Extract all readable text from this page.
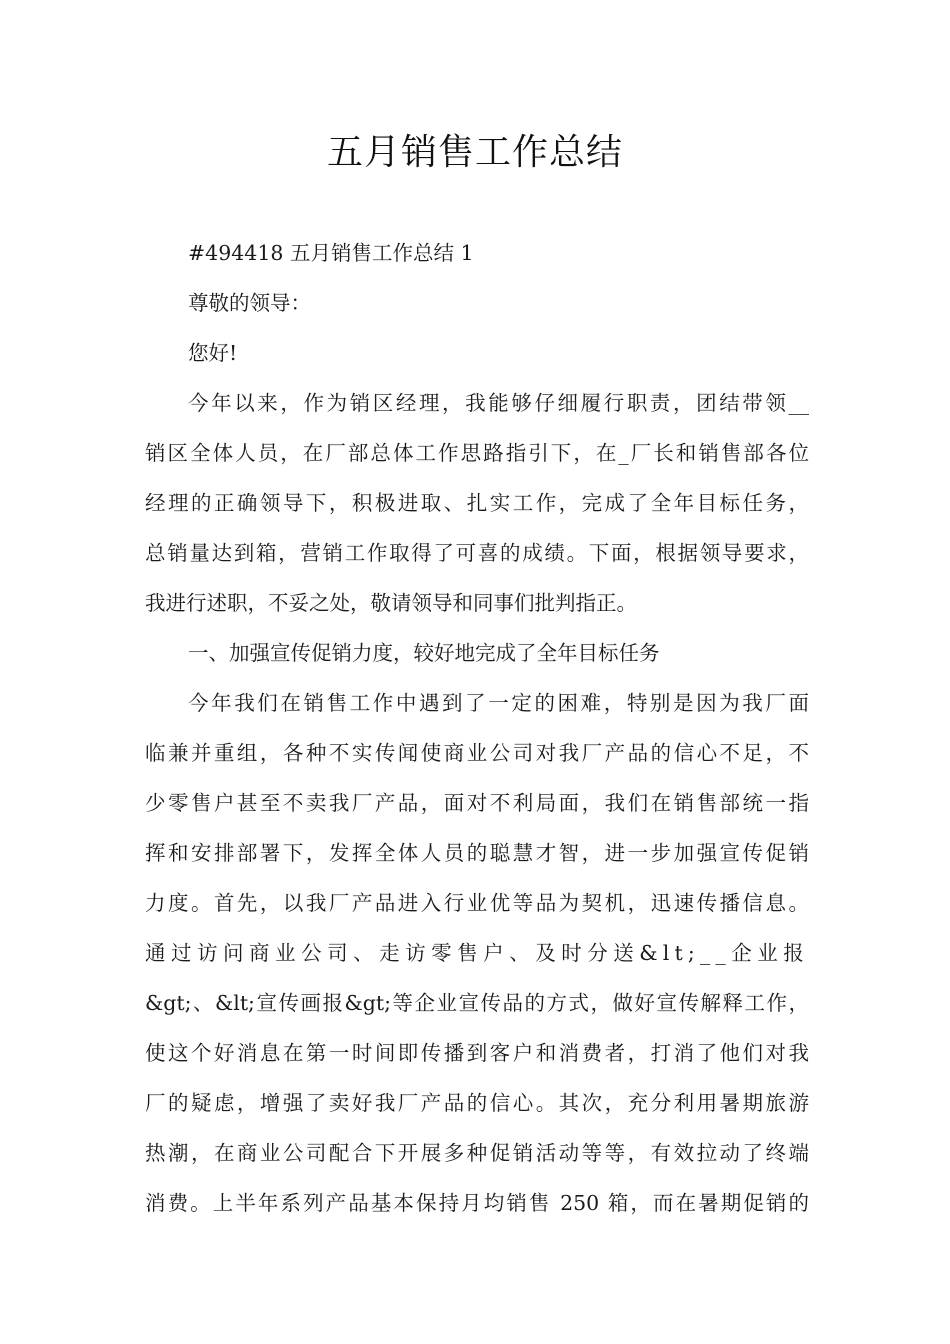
五月销售工作总结
#494418 五月销售工作总结 1
尊敬的领导：
您好!
今年以来，作为销区经理，我能够仔细履行职责，团结带领__
销区全体人员，在厂部总体工作思路指引下，在_厂长和销售部各位
经理的正确领导下，积极进取、扎实工作，完成了全年目标任务，
总销量达到箱，营销工作取得了可喜的成绩。下面，根据领导要求，
我进行述职，不妥之处，敬请领导和同事们批判指正。
一、加强宣传促销力度，较好地完成了全年目标任务
今年我们在销售工作中遇到了一定的困难，特别是因为我厂面
临兼并重组，各种不实传闻使商业公司对我厂产品的信心不足，不
少零售户甚至不卖我厂产品，面对不利局面，我们在销售部统一指
挥和安排部署下，发挥全体人员的聪慧才智，进一步加强宣传促销
力度。首先，以我厂产品进入行业优等品为契机，迅速传播信息。
通过访问商业公司、走访零售户、及时分送&lt;__企业报
&gt;、&lt;宣传画报&gt;等企业宣传品的方式，做好宣传解释工作，
使这个好消息在第一时间即传播到客户和消费者，打消了他们对我
厂的疑虑，增强了卖好我厂产品的信心。其次，充分利用暑期旅游
热潮，在商业公司配合下开展多种促销活动等等，有效拉动了终端
消费。上半年系列产品基本保持月均销售 250 箱，而在暑期促销的
